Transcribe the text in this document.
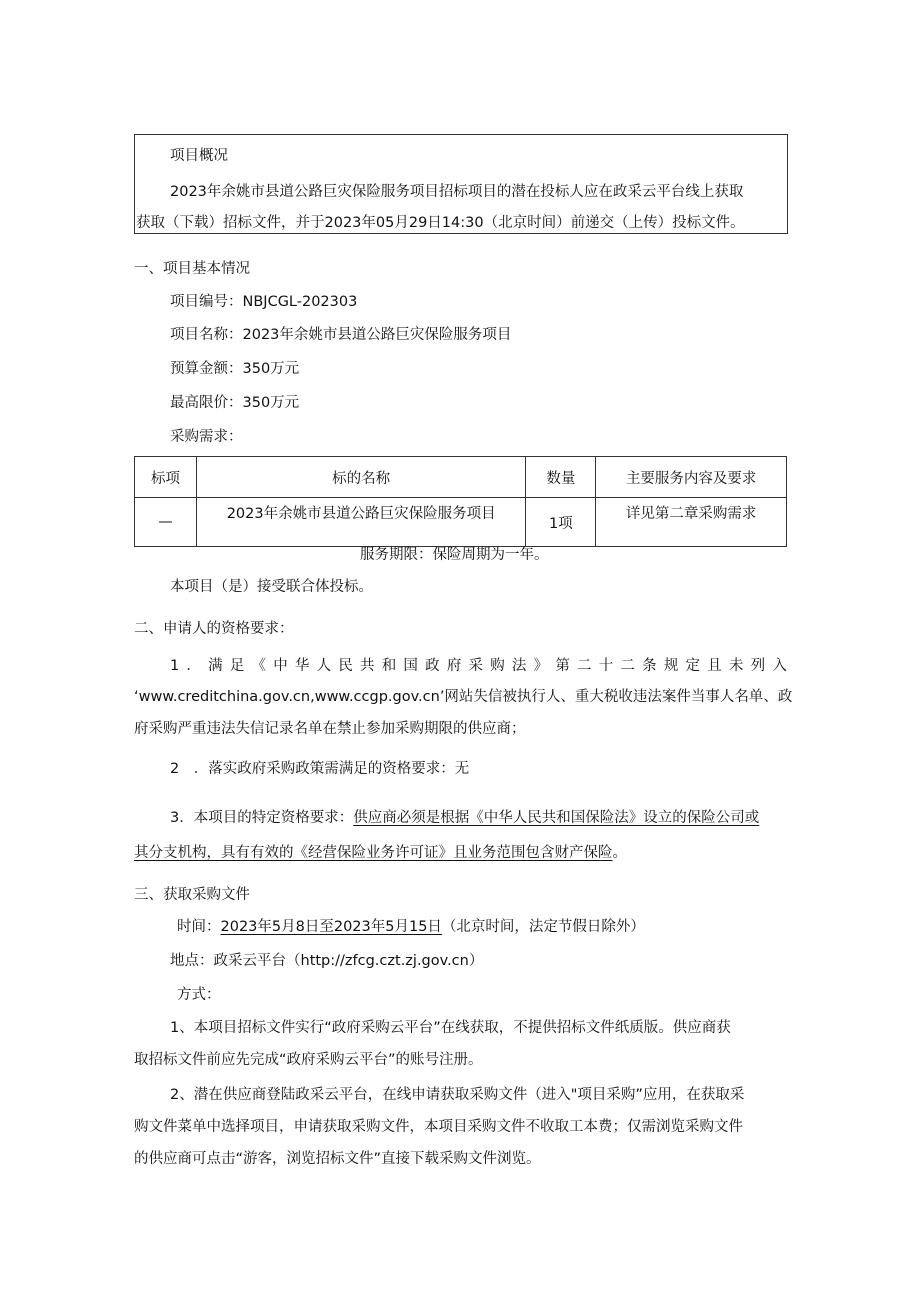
项目概况
2023年余姚市县道公路巨灾保险服务项目招标项目的潜在投标人应在政采云平台线上获取
获取（下载）招标文件，并于2023年05月29日14:30（北京时间）前递交（上传）投标文件。
一、项目基本情况
项目编号：NBJCGL-202303
项目名称：2023年余姚市县道公路巨灾保险服务项目
预算金额：350万元
最高限价：350万元
采购需求：
标项	标的名称	数量	主要服务内容及要求
—	2023年余姚市县道公路巨灾保险服务项目	1项	详见第二章采购需求
服务期限：保险周期为一年。
本项目（是）接受联合体投标。
二、申请人的资格要求：
1．满足《中华人民共和国政府采购法》第二十二条规定且未列入
‘www.creditchina.gov.cn,www.ccgp.gov.cn’网站失信被执行人、重大税收违法案件当事人名单、政
府采购严重违法失信记录名单在禁止参加采购期限的供应商；
2　．落实政府采购政策需满足的资格要求：无
3．本项目的特定资格要求：供应商必须是根据《中华人民共和国保险法》设立的保险公司或
其分支机构，具有有效的《经营保险业务许可证》且业务范围包含财产保险。
三、获取采购文件
时间：2023年5月8日至2023年5月15日（北京时间，法定节假日除外）
地点：政采云平台（http://zfcg.czt.zj.gov.cn）
方式：
1、本项目招标文件实行“政府采购云平台”在线获取，不提供招标文件纸质版。供应商获
取招标文件前应先完成“政府采购云平台”的账号注册。
2、潜在供应商登陆政采云平台，在线申请获取采购文件（进入"项目采购”应用，在获取采
购文件菜单中选择项目，申请获取采购文件，本项目采购文件不收取工本费；仅需浏览采购文件
的供应商可点击“游客，浏览招标文件”直接下载采购文件浏览。
